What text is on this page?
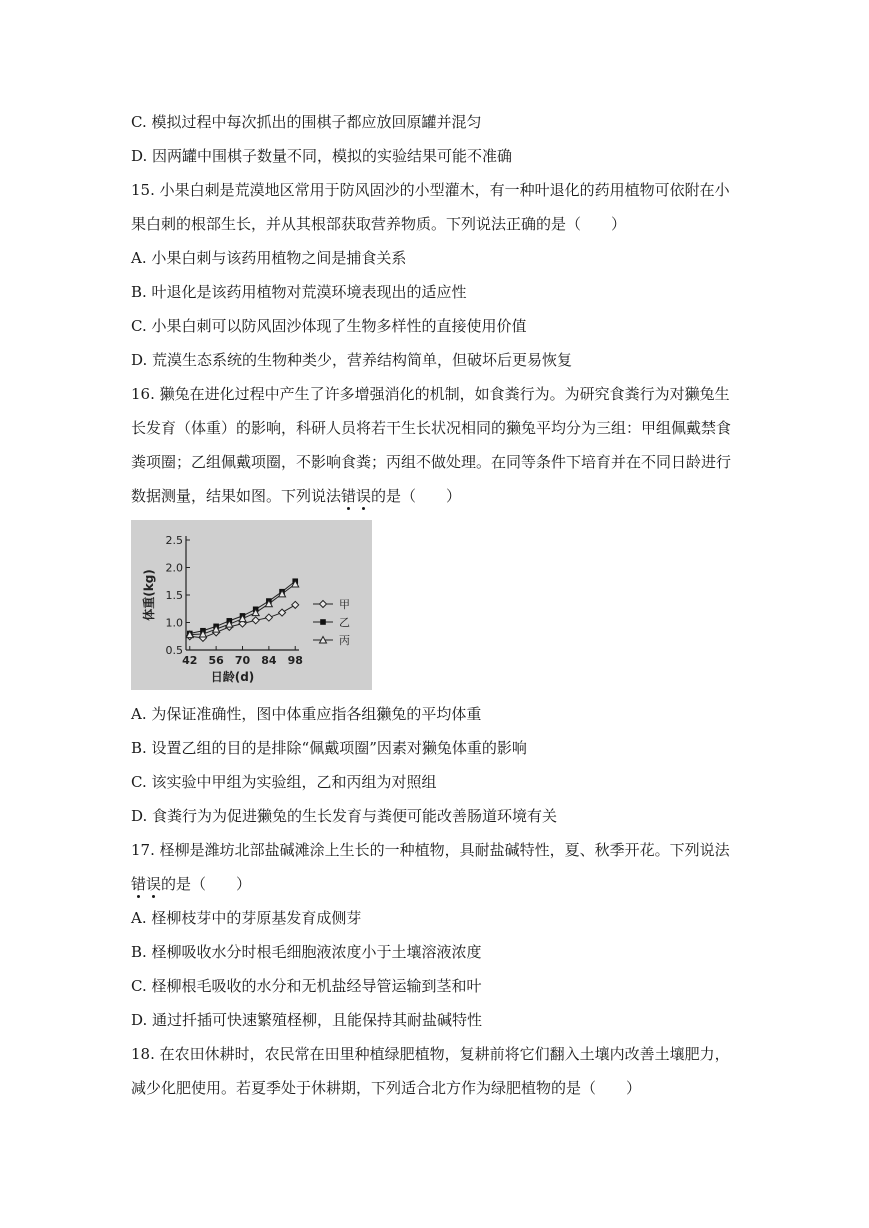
C. 模拟过程中每次抓出的围棋子都应放回原罐并混匀
D. 因两罐中围棋子数量不同，模拟的实验结果可能不准确
15. 小果白刺是荒漠地区常用于防风固沙的小型灌木，有一种叶退化的药用植物可依附在小
果白刺的根部生长，并从其根部获取营养物质。下列说法正确的是（　　）
A. 小果白刺与该药用植物之间是捕食关系
B. 叶退化是该药用植物对荒漠环境表现出的适应性
C. 小果白刺可以防风固沙体现了生物多样性的直接使用价值
D. 荒漠生态系统的生物种类少，营养结构简单，但破坏后更易恢复
16. 獭兔在进化过程中产生了许多增强消化的机制，如食粪行为。为研究食粪行为对獭兔生
长发育（体重）的影响，科研人员将若干生长状况相同的獭兔平均分为三组：甲组佩戴禁食
粪项圈；乙组佩戴项圈，不影响食粪；丙组不做处理。在同等条件下培育并在不同日龄进行
数据测量，结果如图。下列说法错误的是（　　）
0.5
1.0
1.5
2.0
2.5
42 56 70 84 98
日龄(d)
体重(kg)	甲
乙
丙
A. 为保证准确性，图中体重应指各组獭兔的平均体重
B. 设置乙组的目的是排除“佩戴项圈”因素对獭兔体重的影响
C. 该实验中甲组为实验组，乙和丙组为对照组
D. 食粪行为为促进獭兔的生长发育与粪便可能改善肠道环境有关
17. 柽柳是潍坊北部盐碱滩涂上生长的一种植物，具耐盐碱特性，夏、秋季开花。下列说法
错误的是（　　）
A. 柽柳枝芽中的芽原基发育成侧芽
B. 柽柳吸收水分时根毛细胞液浓度小于土壤溶液浓度
C. 柽柳根毛吸收的水分和无机盐经导管运输到茎和叶
D. 通过扦插可快速繁殖柽柳，且能保持其耐盐碱特性
18. 在农田休耕时，农民常在田里种植绿肥植物，复耕前将它们翻入土壤内改善土壤肥力，
减少化肥使用。若夏季处于休耕期，下列适合北方作为绿肥植物的是（　　）
